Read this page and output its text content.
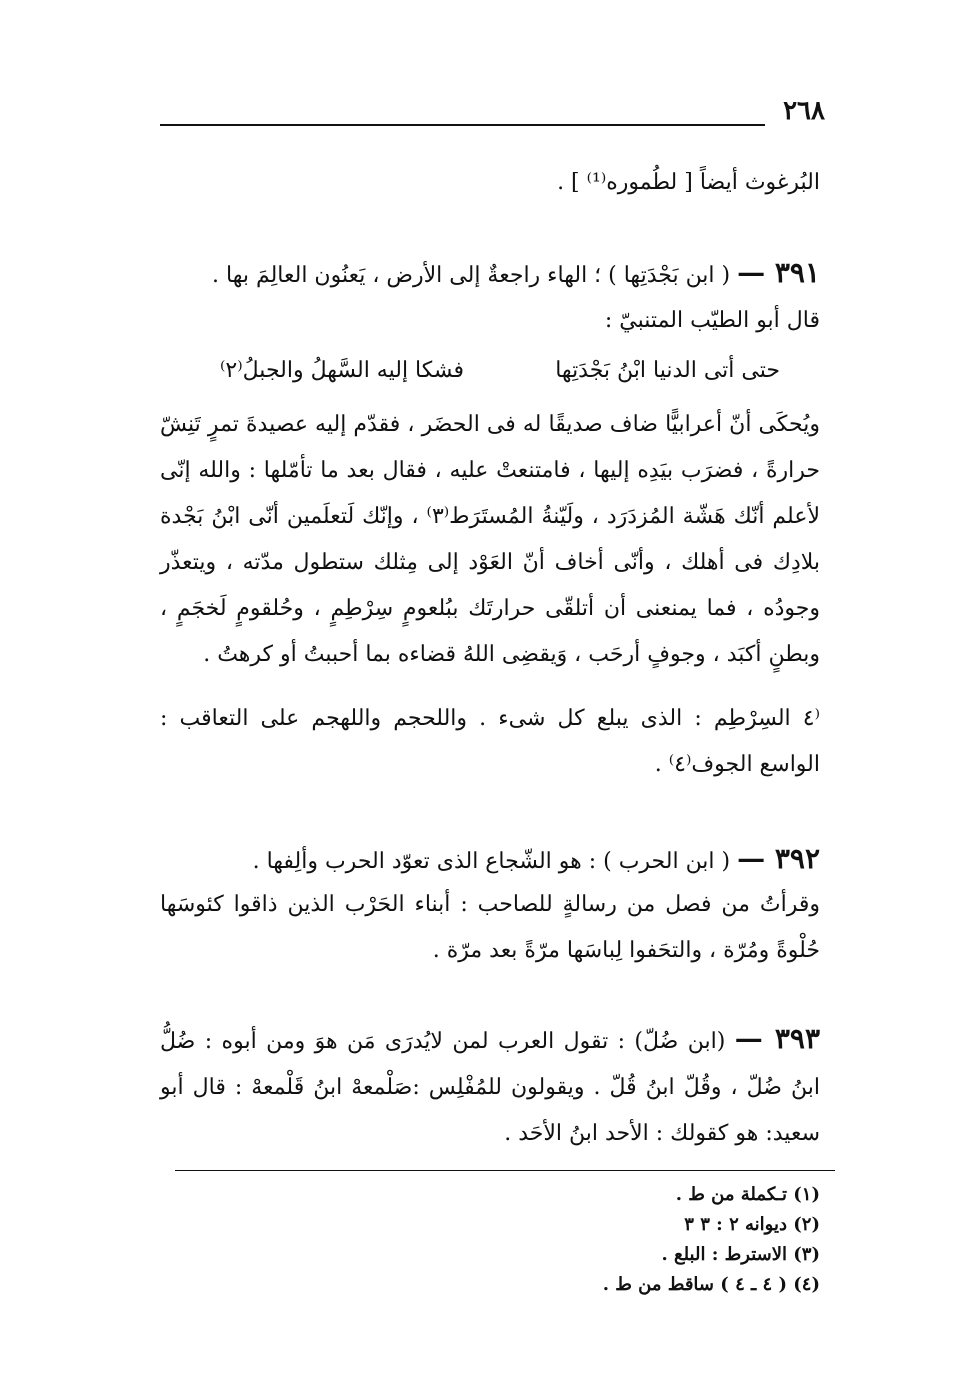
٢٦٨
البُرغوث أيضاً [ لطُموره⁽¹⁾ ] .
٣٩١ — ( ابن بَجْدَتِها ) ؛ الهاء راجعةٌ إلى الأرض ، يَعنُون العالِمَ بها .
قال أبو الطيّب المتنبيّ :
حتى أتى الدنيا ابْنُ بَجْدَتِها
فشكا إليه السَّهلُ والجبلُ⁽٢⁾
ويُحكَى أنّ أعرابيًّا ضاف صديقًا له فى الحضَر ، فقدّم إليه عصيدةَ تمرٍ تَنِشّ حرارةً ، فضرَب بيَدِه إليها ، فامتنعتْ عليه ، فقال بعد ما تأمّلها : والله إنّى لأعلم أنّك هَشّة المُزدَرَد ، ولَيّنةُ المُستَرَط⁽٣⁾ ، وإنّك لَتعلَمين أنّى ابْنُ بَجْدة بلادِك فى أهلك ، وأنّى أخاف أنّ العَوْد إلى مِثلك ستطول مدّته ، ويتعذّر وجودُه ، فما يمنعنى أن أتلقّى حرارتَك ببُلعومٍ سِرْطِمٍ ، وحُلقومٍ لَخجَمٍ ، وبطنٍ أكبَد ، وجوفٍ أرحَب ، وَيقضِى اللهُ قضاءه بما أحببتُ أو كرهتُ .
⁽٤ السِرْطِم : الذى يبلع كل شىء . واللحجم واللهجم على التعاقب : الواسع الجوف⁽٤⁾ .
٣٩٢ — ( ابن الحرب ) : هو الشّجاع الذى تعوّد الحرب وألِفها .
وقرأتُ من فصل من رسالةٍ للصاحب : أبناء الحَرْب الذين ذاقوا كئوسَها حُلْوةً ومُرّة ، والتحَفوا لِباسَها مرّةً بعد مرّة .
٣٩٣ — (ابن ضُلّ) : تقول العرب لمن لايُدرَى مَن هوَ ومن أبوه : ضُلُّ ابنُ ضُلّ ، وقُلّ ابنُ قُلّ . ويقولون للمُفْلِس :صَلْمعهْ ابنُ قَلْمعهْ : قال أبو سعيد: هو كقولك : الأحد ابنُ الأحَد .
(١) تـكملة من ط .
(٢) ديوانه ٢ : ٣ ٣
(٣) الاسترط : البلع .
(٤) ( ٤ ـ ٤ ) ساقط من ط .
